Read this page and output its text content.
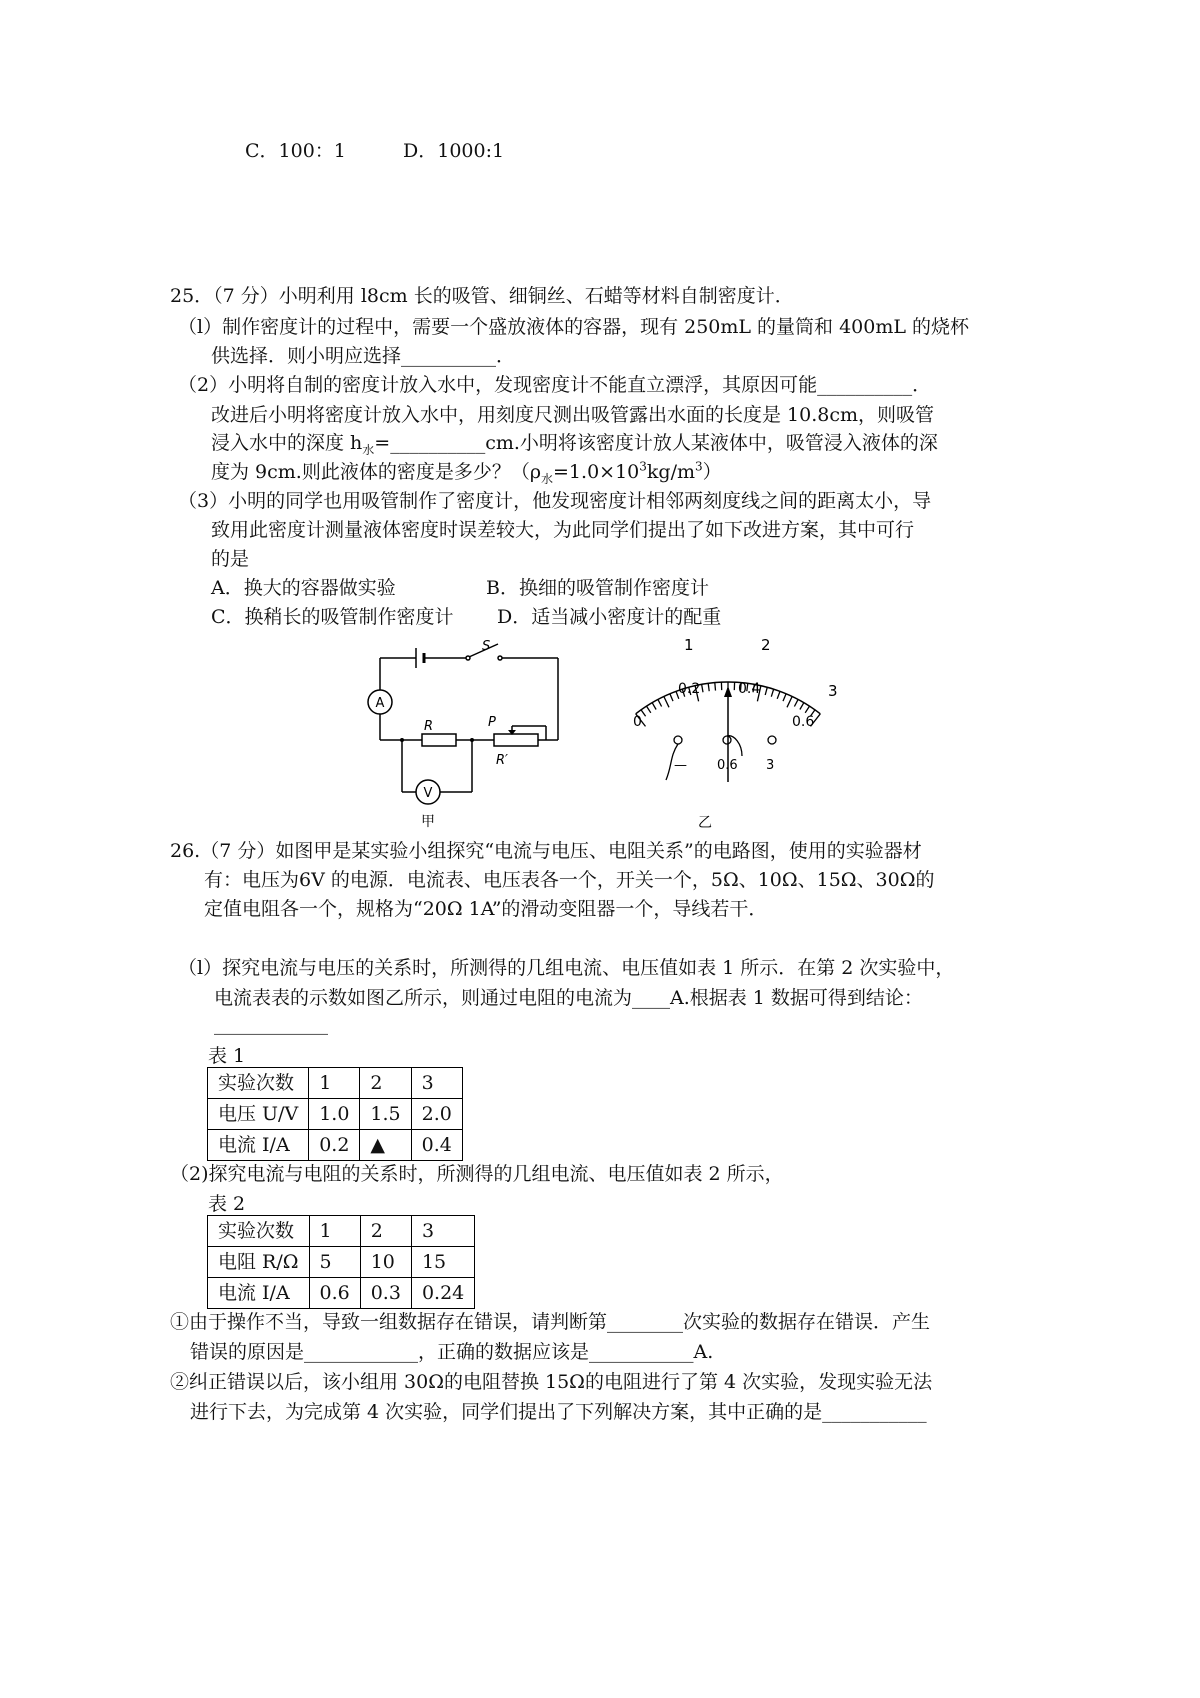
C．100：1	D．1000:1
25．（7 分）小明利用 l8cm 长的吸管、细铜丝、石蜡等材料自制密度计．
（l）制作密度计的过程中，需要一个盛放液体的容器，现有 250mL 的量筒和 400mL 的烧杯
供选择．则小明应选择__________．
（2）小明将自制的密度计放入水中，发现密度计不能直立漂浮，其原因可能__________．
改进后小明将密度计放入水中，用刻度尺测出吸管露出水面的长度是 10.8cm，则吸管
浸入水中的深度 $h_水=\_\_\_\_\_\_\_\_\_\_cm$.小明将该密度计放人某液体中，吸管浸入液体的深
度为 9cm.则此液体的密度是多少？$(\rho_水=1.0\times 10^3kg/m^3)$
（3）小明的同学也用吸管制作了密度计，他发现密度计相邻两刻度线之间的距离太小，导
致用此密度计测量液体密度时误差较大，为此同学们提出了如下改进方案，其中可行
的是
A．换大的容器做实验	B．换细的吸管制作密度计
C．换稍长的吸管制作密度计 D．适当减小密度计的配重
A
V
S
R	P
R′
甲
1	2
3
0
0.2	0.4
0.6
— 0.6 3
乙
26.（7 分）如图甲是某实验小组探究“电流与电压、电阻关系”的电路图，使用的实验器材
有：电压为6V 的电源．电流表、电压表各一个，开关一个，5Ω、10Ω、15Ω、30Ω的
定值电阻各一个，规格为“20Ω 1A”的滑动变阻器一个，导线若干．
（l）探究电流与电压的关系时，所测得的几组电流、电压值如表 1 所示．在第 2 次实验中，
电流表表的示数如图乙所示，则通过电阻的电流为____A.根据表 1 数据可得到结论：
____________
表 1
实验次数	1	2	3
电压 U/V	1.0	1.5	2.0
电流 I/A	0.2	▲	0.4
（2)探究电流与电阻的关系时，所测得的几组电流、电压值如表 2 所示，
表 2
实验次数	1	2	3
电阻 R/Ω	5	10	15
电流 I/A	0.6	0.3	0.24
①由于操作不当，导致一组数据存在错误，请判断第________次实验的数据存在错误．产生
错误的原因是____________，正确的数据应该是___________A.
②纠正错误以后，该小组用 30Ω的电阻替换 15Ω的电阻进行了第 4 次实验，发现实验无法
进行下去，为完成第 4 次实验，同学们提出了下列解决方案，其中正确的是___________
